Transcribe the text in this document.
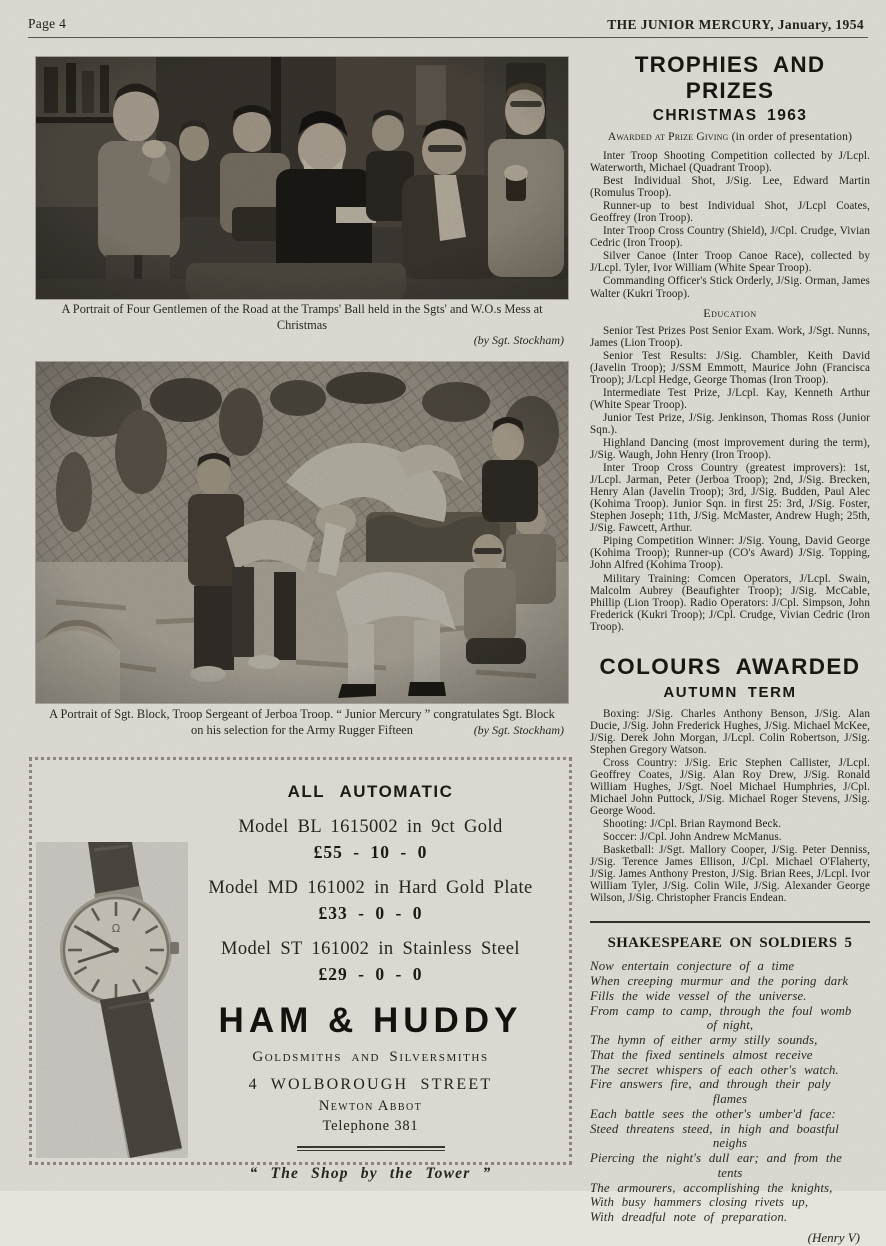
Page 4	THE JUNIOR MERCURY, January, 1954
A Portrait of Four Gentlemen of the Road at the Tramps' Ball held in the Sgts' and W.O.s Mess at Christmas
(by Sgt. Stockham)
A Portrait of Sgt. Block, Troop Sergeant of Jerboa Troop. “ Junior Mercury ” congratulates Sgt. Block
on his selection for the Army Rugger Fifteen	(by Sgt. Stockham)
Ω
ALL AUTOMATIC
Model BL 1615002 in 9ct Gold
£55 - 10 - 0
Model MD 161002 in Hard Gold Plate
£33 - 0 - 0
Model ST 161002 in Stainless Steel
£29 - 0 - 0
HAM & HUDDY
Goldsmiths and Silversmiths
4 WOLBOROUGH STREET
Newton Abbot
Telephone 381
“ The Shop by the Tower ”
TROPHIES AND PRIZES
CHRISTMAS 1963
Awarded at Prize Giving (in order of presentation)

Inter Troop Shooting Competition collected by J/Lcpl. Waterworth, Michael (Quadrant Troop).

Best Individual Shot, J/Sig. Lee, Edward Martin (Romulus Troop).

Runner-up to best Individual Shot, J/Lcpl Coates, Geoffrey (Iron Troop).

Inter Troop Cross Country (Shield), J/Cpl. Crudge, Vivian Cedric (Iron Troop).

Silver Canoe (Inter Troop Canoe Race), collected by J/Lcpl. Tyler, Ivor William (White Spear Troop).

Commanding Officer's Stick Orderly, J/Sig. Orman, James Walter (Kukri Troop).

Education

Senior Test Prizes Post Senior Exam. Work, J/Sgt. Nunns, James (Lion Troop).

Senior Test Results: J/Sig. Chambler, Keith David (Javelin Troop); J/SSM Emmott, Maurice John (Francisca Troop); J/Lcpl Hedge, George Thomas (Iron Troop).

Intermediate Test Prize, J/Lcpl. Kay, Kenneth Arthur (White Spear Troop).

Junior Test Prize, J/Sig. Jenkinson, Thomas Ross (Junior Sqn.).

Highland Dancing (most improvement during the term), J/Sig. Waugh, John Henry (Iron Troop).

Inter Troop Cross Country (greatest improvers): 1st, J/Lcpl. Jarman, Peter (Jerboa Troop); 2nd, J/Sig. Brecken, Henry Alan (Javelin Troop); 3rd, J/Sig. Budden, Paul Alec (Kohima Troop). Junior Sqn. in first 25: 3rd, J/Sig. Foster, Stephen Joseph; 11th, J/Sig. McMaster, Andrew Hugh; 25th, J/Sig. Fawcett, Arthur.

Piping Competition Winner: J/Sig. Young, David George (Kohima Troop); Runner-up (CO's Award) J/Sig. Topping, John Alfred (Kohima Troop).

Military Training: Comcen Operators, J/Lcpl. Swain, Malcolm Aubrey (Beaufighter Troop); J/Sig. McCable, Phillip (Lion Troop). Radio Operators: J/Cpl. Simpson, John Frederick (Kukri Troop); J/Cpl. Crudge, Vivian Cedric (Iron Troop).

COLOURS AWARDED
AUTUMN TERM

Boxing: J/Sig. Charles Anthony Benson, J/Sig. Alan Ducie, J/Sig. John Frederick Hughes, J/Sig. Michael McKee, J/Sig. Derek John Morgan, J/Lcpl. Colin Robertson, J/Sig. Stephen Gregory Watson.

Cross Country: J/Sig. Eric Stephen Callister, J/Lcpl. Geoffrey Coates, J/Sig. Alan Roy Drew, J/Sig. Ronald William Hughes, J/Sgt. Noel Michael Humphries, J/Cpl. Michael John Puttock, J/Sig. Michael Roger Stevens, J/Sig. George Wood.

Shooting: J/Cpl. Brian Raymond Beck.

Soccer: J/Cpl. John Andrew McManus.

Basketball: J/Sgt. Mallory Cooper, J/Sig. Peter Denniss, J/Sig. Terence James Ellison, J/Cpl. Michael O'Flaherty, J/Sig. James Anthony Preston, J/Sig. Brian Rees, J/Lcpl. Ivor William Tyler, J/Sig. Colin Wile, J/Sig. Alexander George Wilson, J/Sig. Christopher Francis Endean.

SHAKESPEARE ON SOLDIERS 5
Now entertain conjecture of a time
When creeping murmur and the poring dark
Fills the wide vessel of the universe.
From camp to camp, through the foul womb
of night,
The hymn of either army stilly sounds,
That the fixed sentinels almost receive
The secret whispers of each other's watch.
Fire answers fire, and through their paly
flames
Each battle sees the other's umber'd face:
Steed threatens steed, in high and boastful
neighs
Piercing the night's dull ear; and from the
tents
The armourers, accomplishing the knights,
With busy hammers closing rivets up,
With dreadful note of preparation.
(Henry V)
